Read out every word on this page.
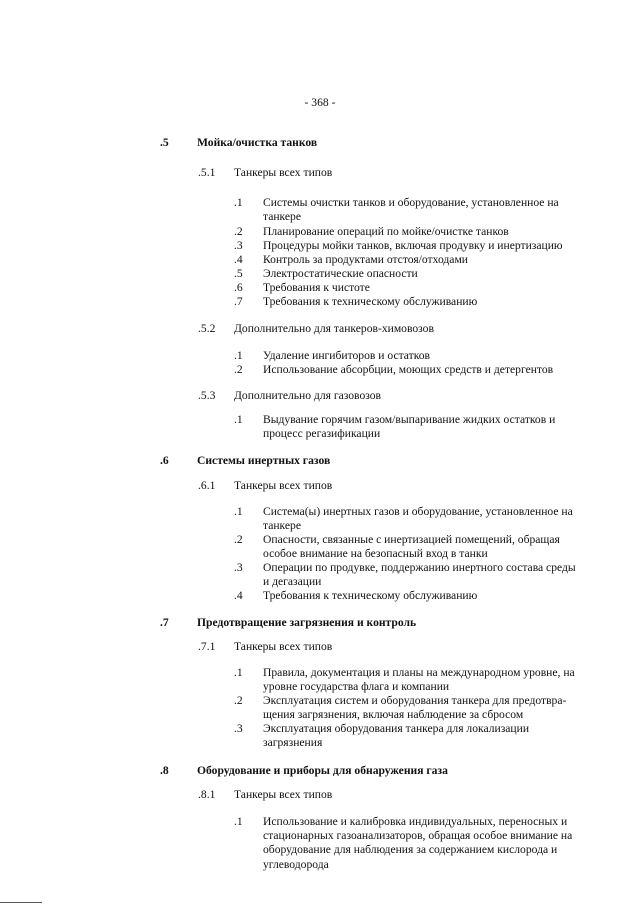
- 368 -
.5 Мойка/очистка танков
.5.1 Танкеры всех типов
.1 Системы очистки танков и оборудование, установленное на
танкере
.2 Планирование операций по мойке/очистке танков
.3 Процедуры мойки танков, включая продувку и инертизацию
.4 Контроль за продуктами отстоя/отходами
.5 Электростатические опасности
.6 Требования к чистоте
.7 Требования к техническому обслуживанию
.5.2 Дополнительно для танкеров-химовозов
.1 Удаление ингибиторов и остатков
.2 Использование абсорбции, моющих средств и детергентов
.5.3 Дополнительно для газовозов
.1 Выдувание горячим газом/выпаривание жидких остатков и
процесс регазификации
.6 Системы инертных газов
.6.1 Танкеры всех типов
.1 Система(ы) инертных газов и оборудование, установленное на
танкере
.2 Опасности, связанные с инертизацией помещений, обращая
особое внимание на безопасный вход в танки
.3 Операции по продувке, поддержанию инертного состава среды
и дегазации
.4 Требования к техническому обслуживанию
.7 Предотвращение загрязнения и контроль
.7.1 Танкеры всех типов
.1 Правила, документация и планы на международном уровне, на
уровне государства флага и компании
.2 Эксплуатация систем и оборудования танкера для предотвра-
щения загрязнения, включая наблюдение за сбросом
.3 Эксплуатация оборудования танкера для локализации
загрязнения
.8 Оборудование и приборы для обнаружения газа
.8.1 Танкеры всех типов
.1 Использование и калибровка индивидуальных, переносных и
стационарных газоанализаторов, обращая особое внимание на
оборудование для наблюдения за содержанием кислорода и
углеводорода
